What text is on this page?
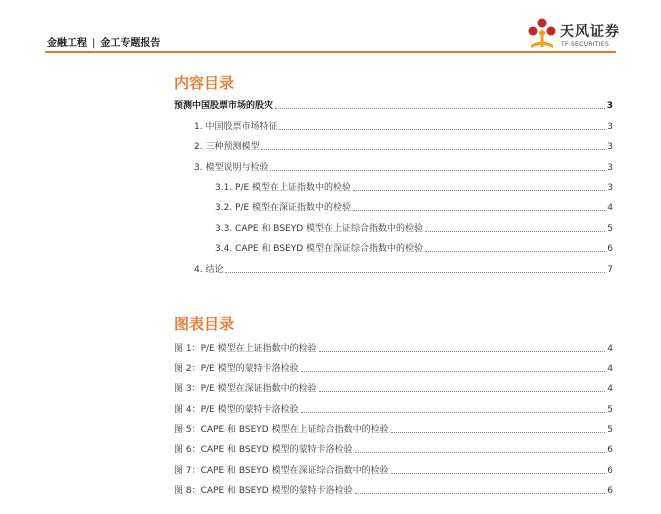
金融工程 | 金工专题报告
天风证券
TF SECURITIES
内容目录
预测中国股票市场的股灾	3
1. 中国股票市场特征	3
2. 三种预测模型	3
3. 模型说明与检验	3
3.1. P/E 模型在上证指数中的检验	3
3.2. P/E 模型在深证指数中的检验	4
3.3. CAPE 和 BSEYD 模型在上证综合指数中的检验	5
3.4. CAPE 和 BSEYD 模型在深证综合指数中的检验	6
4. 结论	7
图表目录
图 1：P/E 模型在上证指数中的检验	4
图 2：P/E 模型的蒙特卡洛检验	4
图 3：P/E 模型在深证指数中的检验	4
图 4：P/E 模型的蒙特卡洛检验	5
图 5：CAPE 和 BSEYD 模型在上证综合指数中的检验	5
图 6：CAPE 和 BSEYD 模型的蒙特卡洛检验	6
图 7：CAPE 和 BSEYD 模型在深证综合指数中的检验	6
图 8：CAPE 和 BSEYD 模型的蒙特卡洛检验	6
